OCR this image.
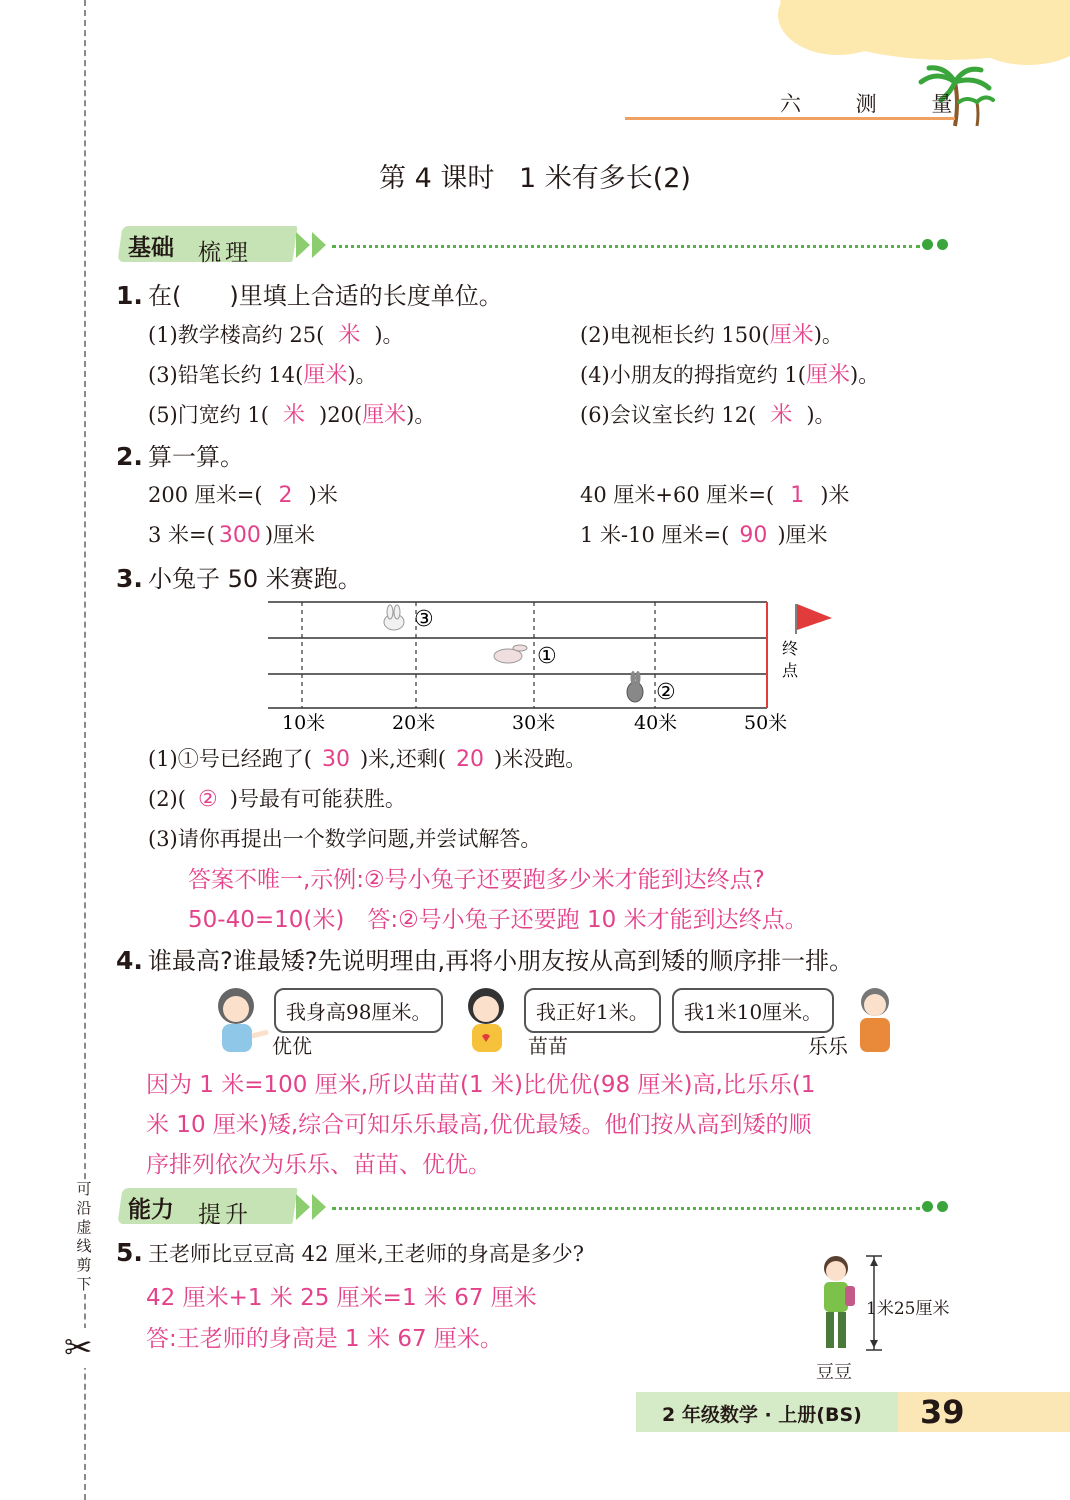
可沿虚线剪下
✂
六 测 量
第 4 课时 1 米有多长(2)
基础 梳理
1. 在(　　)里填上合适的长度单位。
(1)教学楼高约 25( 米 )。	(2)电视柜长约 150(厘米)。
(3)铅笔长约 14(厘米)。	(4)小朋友的拇指宽约 1(厘米)。
(5)门宽约 1( 米 )20(厘米)。	(6)会议室长约 12( 米 )。
2. 算一算。
200 厘米=( 2 )米	40 厘米+60 厘米=( 1 )米
3 米=( 300 )厘米	1 米-10 厘米=( 90 )厘米
3. 小兔子 50 米赛跑。
③
①
②
终
点
10米	20米	30米	40米	50米
(1)①号已经跑了( 30 )米,还剩( 20 )米没跑。
(2)( ② )号最有可能获胜。
(3)请你再提出一个数学问题,并尝试解答。
答案不唯一,示例:②号小兔子还要跑多少米才能到达终点?
50-40=10(米)　答:②号小兔子还要跑 10 米才能到达终点。
4. 谁最高?谁最矮?先说明理由,再将小朋友按从高到矮的顺序排一排。
优优
我身高98厘米。
苗苗
我正好1米。	我1米10厘米。
乐乐
因为 1 米=100 厘米,所以苗苗(1 米)比优优(98 厘米)高,比乐乐(1
米 10 厘米)矮,综合可知乐乐最高,优优最矮。他们按从高到矮的顺
序排列依次为乐乐、苗苗、优优。
能力 提升
5. 王老师比豆豆高 42 厘米,王老师的身高是多少?
42 厘米+1 米 25 厘米=1 米 67 厘米
答:王老师的身高是 1 米 67 厘米。
1米25厘米
豆豆
2 年级数学 · 上册(BS) 39
